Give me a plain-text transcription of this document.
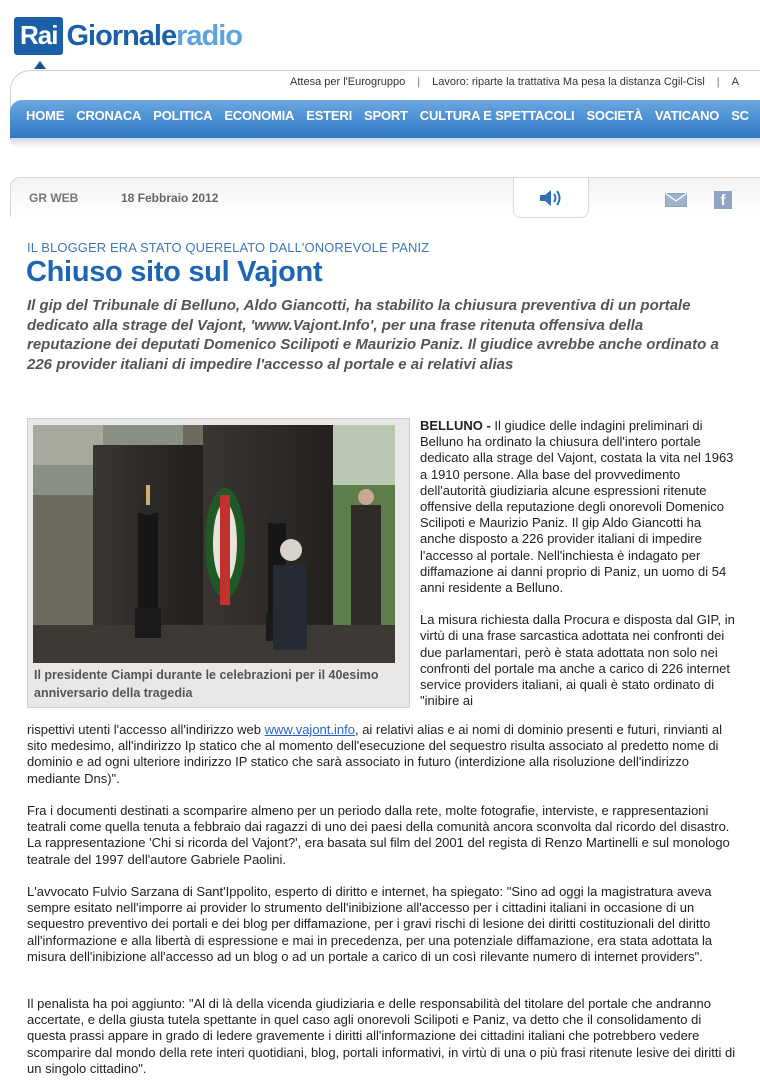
Rai Giornale radio
Attesa per l'Eurogruppo	|	Lavoro: riparte la trattativa Ma pesa la distanza Cgil-Cisl	|	A
HOME CRONACA POLITICA ECONOMIA ESTERI SPORT CULTURA E SPETTACOLI SOCIETÀ VATICANO SC
GR WEB	18 Febbraio 2012	f
IL BLOGGER ERA STATO QUERELATO DALL'ONOREVOLE PANIZ
Chiuso sito sul Vajont
Il gip del Tribunale di Belluno, Aldo Giancotti, ha stabilito la chiusura preventiva di un portale dedicato alla strage del Vajont, 'www.Vajont.Info', per una frase ritenuta offensiva della reputazione dei deputati Domenico Scilipoti e Maurizio Paniz. Il giudice avrebbe anche ordinato a 226 provider italiani di impedire l'accesso al portale e ai relativi alias
Il presidente Ciampi durante le celebrazioni per il 40esimo anniversario della tragedia

BELLUNO - Il giudice delle indagini preliminari di Belluno ha ordinato la chiusura dell'intero portale dedicato alla strage del Vajont, costata la vita nel 1963 a 1910 persone. Alla base del provvedimento dell'autorità giudiziaria alcune espressioni ritenute offensive della reputazione degli onorevoli Domenico Scilipoti e Maurizio Paniz. Il gip Aldo Giancotti ha anche disposto a 226 provider italiani di impedire l'accesso al portale. Nell'inchiesta è indagato per diffamazione ai danni proprio di Paniz, un uomo di 54 anni residente a Belluno.

La misura richiesta dalla Procura e disposta dal GIP, in virtù di una frase sarcastica adottata nei confronti dei due parlamentari, però è stata adottata non solo nei confronti del portale ma anche a carico di 226 internet service providers italiani, ai quali è stato ordinato di "inibire ai

rispettivi utenti l'accesso all'indirizzo web www.vajont.info, ai relativi alias e ai nomi di dominio presenti e futuri, rinvianti al sito medesimo, all'indirizzo Ip statico che al momento dell'esecuzione del sequestro risulta associato al predetto nome di dominio e ad ogni ulteriore indirizzo IP statico che sarà associato in futuro (interdizione alla risoluzione dell'indirizzo mediante Dns)".
Fra i documenti destinati a scomparire almeno per un periodo dalla rete, molte fotografie, interviste, e rappresentazioni teatrali come quella tenuta a febbraio dai ragazzi di uno dei paesi della comunità ancora sconvolta dal ricordo del disastro. La rappresentazione 'Chi si ricorda del Vajont?', era basata sul film del 2001 del regista di Renzo Martinelli e sul monologo teatrale del 1997 dell'autore Gabriele Paolini.
L'avvocato Fulvio Sarzana di Sant'Ippolito, esperto di diritto e internet, ha spiegato: "Sino ad oggi la magistratura aveva sempre esitato nell'imporre ai provider lo strumento dell'inibizione all'accesso per i cittadini italiani in occasione di un sequestro preventivo dei portali e dei blog per diffamazione, per i gravi rischi di lesione dei diritti costituzionali del diritto all'informazione e alla libertà di espressione e mai in precedenza, per una potenziale diffamazione, era stata adottata la misura dell'inibizione all'accesso ad un blog o ad un portale a carico di un così rilevante numero di internet providers".
Il penalista ha poi aggiunto: "Al di là della vicenda giudiziaria e delle responsabilità del titolare del portale che andranno accertate, e della giusta tutela spettante in quel caso agli onorevoli Scilipoti e Paniz, va detto che il consolidamento di questa prassi appare in grado di ledere gravemente i diritti all'informazione dei cittadini italiani che potrebbero vedere scomparire dal mondo della rete interi quotidiani, blog, portali informativi, in virtù di una o più frasi ritenute lesive dei diritti di un singolo cittadino".
